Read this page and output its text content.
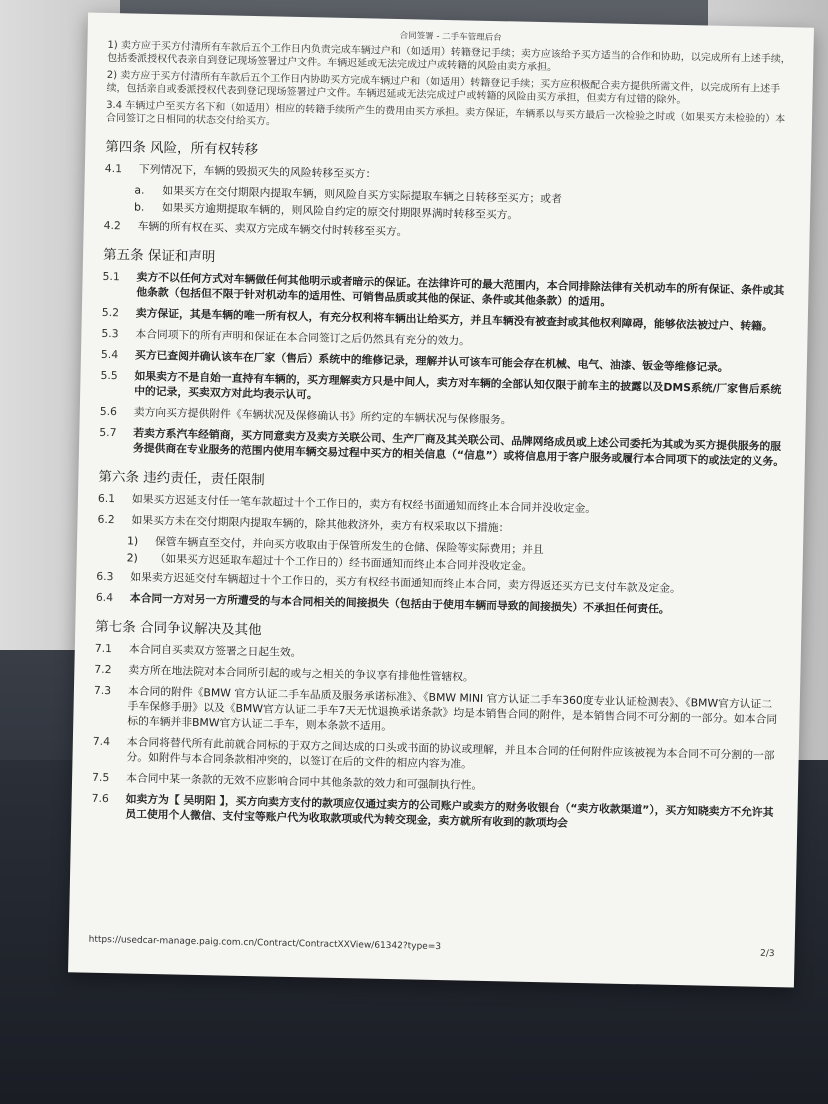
合同签署 - 二手车管理后台
1) 卖方应于买方付清所有车款后五个工作日内负责完成车辆过户和（如适用）转籍登记手续；卖方应该给予买方适当的合作和协助，以完成所有上述手续，包括委派授权代表亲自到登记现场签署过户文件。车辆迟延或无法完成过户或转籍的风险由卖方承担。
2) 卖方应于买方付清所有车款后五个工作日内协助买方完成车辆过户和（如适用）转籍登记手续；买方应积极配合卖方提供所需文件，以完成所有上述手续，包括亲自或委派授权代表到登记现场签署过户文件。车辆迟延或无法完成过户或转籍的风险由买方承担，但卖方有过错的除外。
3.4 车辆过户至买方名下和（如适用）相应的转籍手续所产生的费用由买方承担。卖方保证，车辆系以与买方最后一次检验之时或（如果买方未检验的）本合同签订之日相同的状态交付给买方。
第四条 风险，所有权转移
4.1	下列情况下，车辆的毁损灭失的风险转移至买方：
a.	如果买方在交付期限内提取车辆，则风险自买方实际提取车辆之日转移至买方；或者
b.	如果买方逾期提取车辆的，则风险自约定的原交付期限界满时转移至买方。
4.2	车辆的所有权在买、卖双方完成车辆交付时转移至买方。
第五条 保证和声明
5.1	卖方不以任何方式对车辆做任何其他明示或者暗示的保证。在法律许可的最大范围内，本合同排除法律有关机动车的所有保证、条件或其他条款（包括但不限于针对机动车的适用性、可销售品质或其他的保证、条件或其他条款）的适用。
5.2	卖方保证，其是车辆的唯一所有权人，有充分权利将车辆出让给买方，并且车辆没有被查封或其他权利障碍，能够依法被过户、转籍。
5.3	本合同项下的所有声明和保证在本合同签订之后仍然具有充分的效力。
5.4	买方已查阅并确认该车在厂家（售后）系统中的维修记录，理解并认可该车可能会存在机械、电气、油漆、钣金等维修记录。
5.5	如果卖方不是自始一直持有车辆的，买方理解卖方只是中间人，卖方对车辆的全部认知仅限于前车主的披露以及DMS系统/厂家售后系统中的记录，买卖双方对此均表示认可。
5.6	卖方向买方提供附件《车辆状况及保修确认书》所约定的车辆状况与保修服务。
5.7	若卖方系汽车经销商，买方同意卖方及卖方关联公司、生产厂商及其关联公司、品牌网络成员或上述公司委托为其或为买方提供服务的服务提供商在专业服务的范围内使用车辆交易过程中买方的相关信息（“信息”）或将信息用于客户服务或履行本合同项下的或法定的义务。
第六条 违约责任，责任限制
6.1	如果买方迟延支付任一笔车款超过十个工作日的，卖方有权经书面通知而终止本合同并没收定金。
6.2	如果买方未在交付期限内提取车辆的，除其他救济外，卖方有权采取以下措施：
1)	保管车辆直至交付，并向买方收取由于保管所发生的仓储、保险等实际费用；并且
2)	（如果买方迟延取车超过十个工作日的）经书面通知而终止本合同并没收定金。
6.3	如果卖方迟延交付车辆超过十个工作日的，买方有权经书面通知而终止本合同，卖方得返还买方已支付车款及定金。
6.4	本合同一方对另一方所遭受的与本合同相关的间接损失（包括由于使用车辆而导致的间接损失）不承担任何责任。
第七条 合同争议解决及其他
7.1	本合同自买卖双方签署之日起生效。
7.2	卖方所在地法院对本合同所引起的或与之相关的争议享有排他性管辖权。
7.3	本合同的附件《BMW 官方认证二手车品质及服务承诺标准》、《BMW MINI 官方认证二手车360度专业认证检测表》、《BMW官方认证二手车保修手册》以及《BMW官方认证二手车7天无忧退换承诺条款》均是本销售合同的附件，是本销售合同不可分割的一部分。如本合同标的车辆并非BMW官方认证二手车，则本条款不适用。
7.4	本合同将替代所有此前就合同标的于双方之间达成的口头或书面的协议或理解，并且本合同的任何附件应该被视为本合同不可分割的一部分。如附件与本合同条款相冲突的，以签订在后的文件的相应内容为准。
7.5	本合同中某一条款的无效不应影响合同中其他条款的效力和可强制执行性。
7.6	如卖方为【 吴明阳 】，买方向卖方支付的款项应仅通过卖方的公司账户或卖方的财务收银台（“卖方收款渠道”），买方知晓卖方不允许其员工使用个人微信、支付宝等账户代为收取款项或代为转交现金，卖方就所有收到的款项均会
https://usedcar-manage.paig.com.cn/Contract/ContractXXView/61342?type=3
2/3
